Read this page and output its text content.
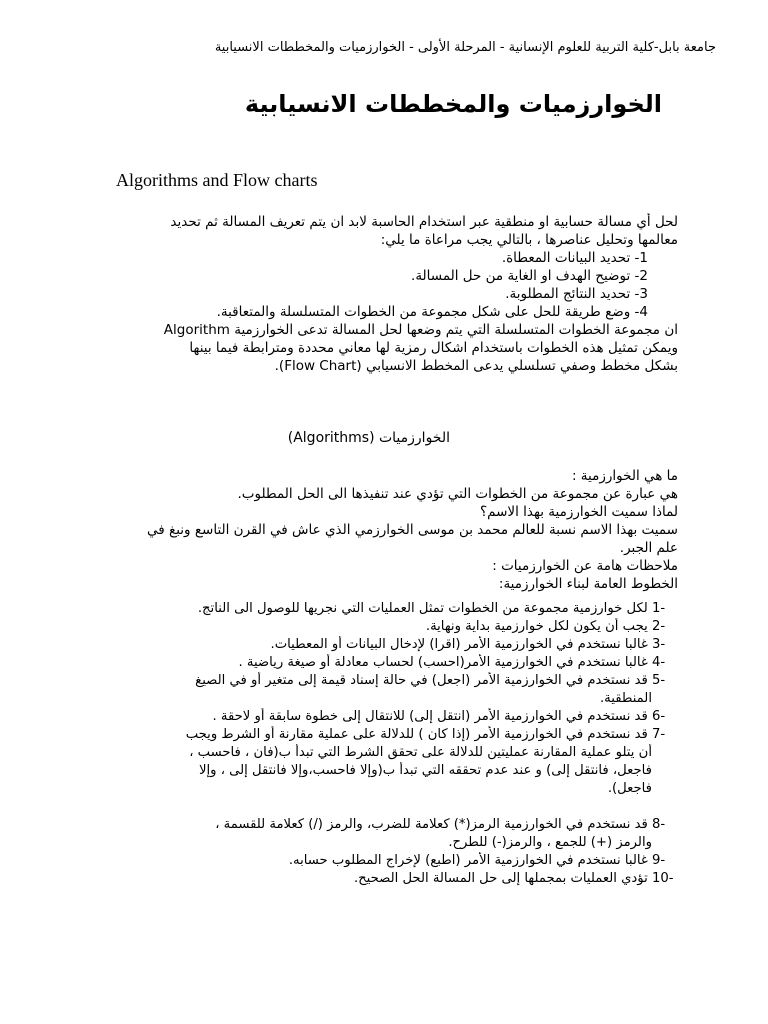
جامعة بابل-كلية التربية للعلوم الإنسانية - المرحلة الأولى - الخوارزميات والمخططات الانسيابية
الخوارزميات والمخططات الانسيابية
Algorithms and Flow charts
لحل أي مسالة حسابية او منطقية عبر استخدام الحاسبة لابد ان يتم تعريف المسالة ثم تحديد
معالمها وتحليل عناصرها ، بالتالي يجب مراعاة ما يلي:
1- تحديد البيانات المعطاة.
2- توضيح الهدف او الغاية من حل المسالة.
3- تحديد النتائج المطلوبة.
4- وضع طريقة للحل على شكل مجموعة من الخطوات المتسلسلة والمتعاقبة.
ان مجموعة الخطوات المتسلسلة التي يتم وضعها لحل المسالة تدعى الخوارزمية Algorithm
ويمكن تمثيل هذه الخطوات باستخدام اشكال رمزية لها معاني محددة ومترابطة فيما بينها
بشكل مخطط وصفي تسلسلي يدعى المخطط الانسيابي (Flow Chart).
الخوارزميات (Algorithms)
ما هي الخوارزمية :
هي عبارة عن مجموعة من الخطوات التي تؤدي عند تنفيذها الى الحل المطلوب.
لماذا سميت الخوارزمية بهذا الاسم؟
سميت بهذا الاسم نسبة للعالم محمد بن موسى الخوارزمي الذي عاش في القرن التاسع ونبغ في
علم الجبر.
ملاحظات هامة عن الخوارزميات :
الخطوط العامة لبناء الخوارزمية:
-1 لكل خوارزمية مجموعة من الخطوات تمثل العمليات التي نجريها للوصول الى الناتج.
-2 يجب أن يكون لكل خوارزمية بداية ونهاية.
-3 غالبا نستخدم في الخوارزمية الأمر (اقرا) لإدخال البيانات أو المعطيات.
-4 غالبا نستخدم في الخوارزمية الأمر(احسب) لحساب معادلة أو صيغة رياضية .
-5 قد نستخدم في الخوارزمية الأمر (اجعل) في حالة إسناد قيمة إلى متغير أو في الصيغ
المنطقية.
-6 قد نستخدم في الخوارزمية الأمر (انتقل إلى) للانتقال إلى خطوة سابقة أو لاحقة .
-7 قد نستخدم في الخوارزمية الأمر (إذا كان ) للدلالة على عملية مقارنة أو الشرط ويجب
أن يتلو عملية المقارنة عمليتين للدلالة على تحقق الشرط التي تبدأ ب(فان ، فاحسب ،
فاجعل، فانتقل إلى) و عند عدم تحققه التي تبدأ ب(وإلا فاحسب،وإلا فانتقل إلى ، وإلا
فاجعل).
-8 قد نستخدم في الخوارزمية الرمز(*) كعلامة للضرب، والرمز (/) كعلامة للقسمة ،
والرمز (+) للجمع ، والرمز(-) للطرح.
-9 غالبا نستخدم في الخوارزمية الأمر (اطبع) لإخراج المطلوب حسابه.
-10 تؤدي العمليات بمجملها إلى حل المسالة الحل الصحيح.
